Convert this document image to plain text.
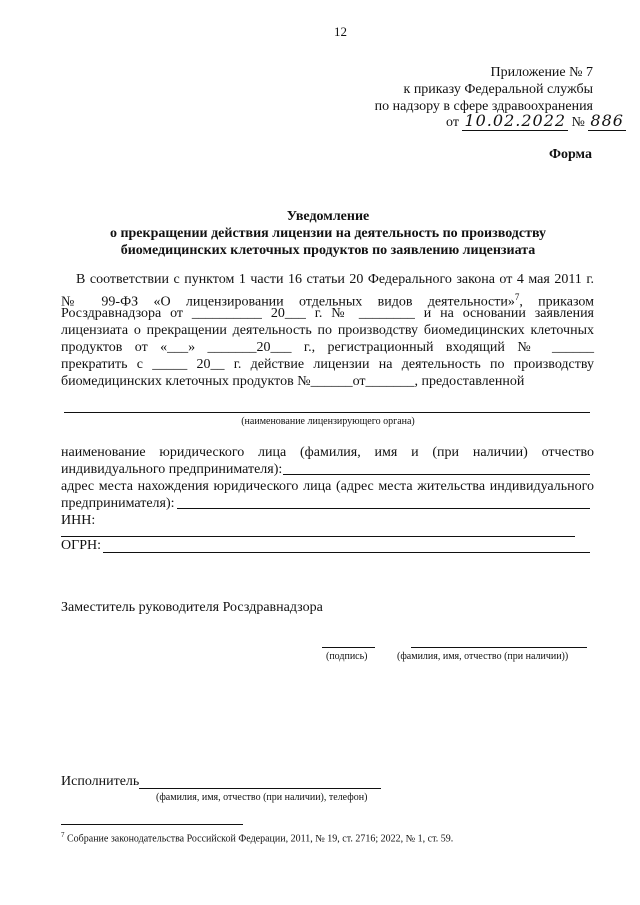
12
Приложение № 7
к приказу Федеральной службы
по надзору в сфере здравоохранения
от 10.02.2022 № 886
Форма
Уведомление
о прекращении действия лицензии на деятельность по производству
биомедицинских клеточных продуктов по заявлению лицензиата
В соответствии с пунктом 1 части 16 статьи 20 Федерального закона от 4 мая 2011 г.
№ 99-ФЗ «О лицензировании отдельных видов деятельности»$^7$, приказом
Росздравнадзора от __________ 20___ г. № ________ и на основании заявления
лицензиата о прекращении деятельность по производству биомедицинских клеточных
продуктов от «___» _______20___ г., регистрационный входящий № ______
прекратить с _____ 20__ г. действие лицензии на деятельность по производству
биомедицинских клеточных продуктов №______от_______, предоставленной
(наименование лицензирующего органа)
наименование юридического лица (фамилия, имя и (при наличии) отчество
индивидуального предпринимателя):
адрес места нахождения юридического лица (адрес места жительства индивидуального
предпринимателя):
ИНН:
ОГРН:
Заместитель руководителя Росздравнадзора
(подпись)	(фамилия, имя, отчество (при наличии))
Исполнитель
(фамилия, имя, отчество (при наличии), телефон)
$^7$ Собрание законодательства Российской Федерации, 2011, № 19, ст. 2716; 2022, № 1, ст. 59.
